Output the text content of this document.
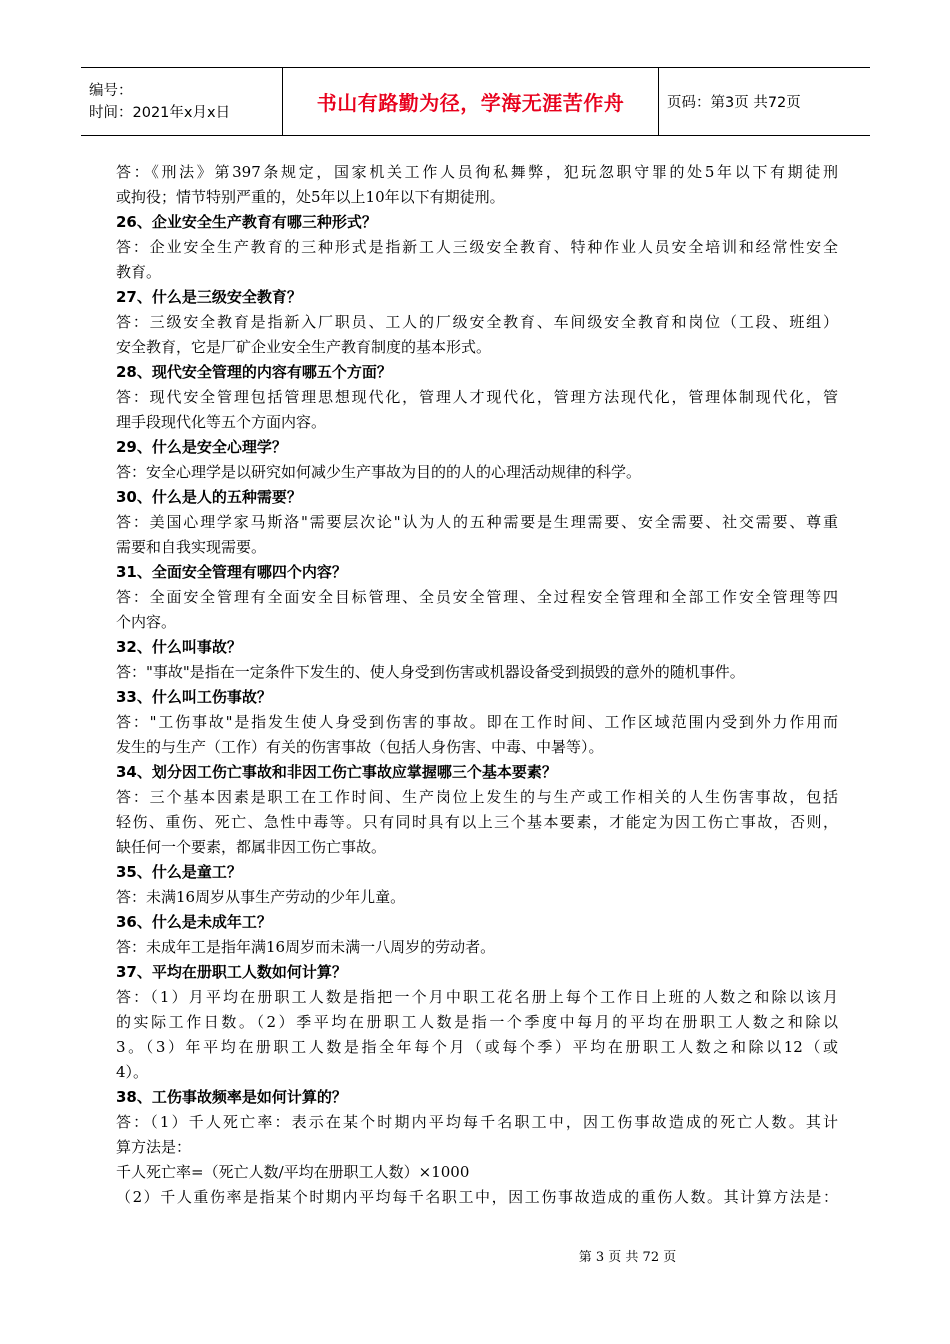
编号：
时间：2021年x月x日	书山有路勤为径，学海无涯苦作舟	页码：第3页 共72页
答：《刑法》第397条规定，国家机关工作人员徇私舞弊，犯玩忽职守罪的处5年以下有期徒刑
或拘役；情节特别严重的，处5年以上10年以下有期徒刑。
26、企业安全生产教育有哪三种形式？
答：企业安全生产教育的三种形式是指新工人三级安全教育、特种作业人员安全培训和经常性安全
教育。
27、什么是三级安全教育？
答：三级安全教育是指新入厂职员、工人的厂级安全教育、车间级安全教育和岗位（工段、班组）
安全教育，它是厂矿企业安全生产教育制度的基本形式。
28、现代安全管理的内容有哪五个方面？
答：现代安全管理包括管理思想现代化，管理人才现代化，管理方法现代化，管理体制现代化，管
理手段现代化等五个方面内容。
29、什么是安全心理学？
答：安全心理学是以研究如何减少生产事故为目的的人的心理活动规律的科学。
30、什么是人的五种需要？
答：美国心理学家马斯洛"需要层次论"认为人的五种需要是生理需要、安全需要、社交需要、尊重
需要和自我实现需要。
31、全面安全管理有哪四个内容？
答：全面安全管理有全面安全目标管理、全员安全管理、全过程安全管理和全部工作安全管理等四
个内容。
32、什么叫事故？
答："事故"是指在一定条件下发生的、使人身受到伤害或机器设备受到损毁的意外的随机事件。
33、什么叫工伤事故？
答："工伤事故"是指发生使人身受到伤害的事故。即在工作时间、工作区域范围内受到外力作用而
发生的与生产（工作）有关的伤害事故（包括人身伤害、中毒、中暑等）。
34、划分因工伤亡事故和非因工伤亡事故应掌握哪三个基本要素？
答：三个基本因素是职工在工作时间、生产岗位上发生的与生产或工作相关的人生伤害事故，包括
轻伤、重伤、死亡、急性中毒等。只有同时具有以上三个基本要素，才能定为因工伤亡事故，否则，
缺任何一个要素，都属非因工伤亡事故。
35、什么是童工？
答：未满16周岁从事生产劳动的少年儿童。
36、什么是未成年工？
答：未成年工是指年满16周岁而未满一八周岁的劳动者。
37、平均在册职工人数如何计算？
答：（1）月平均在册职工人数是指把一个月中职工花名册上每个工作日上班的人数之和除以该月
的实际工作日数。（2）季平均在册职工人数是指一个季度中每月的平均在册职工人数之和除以
3。（3）年平均在册职工人数是指全年每个月（或每个季）平均在册职工人数之和除以12（或
4）。
38、工伤事故频率是如何计算的？
答：（1）千人死亡率：表示在某个时期内平均每千名职工中，因工伤事故造成的死亡人数。其计
算方法是：
千人死亡率=（死亡人数/平均在册职工人数）×1000
（2）千人重伤率是指某个时期内平均每千名职工中，因工伤事故造成的重伤人数。其计算方法是：
第 3 页 共 72 页
